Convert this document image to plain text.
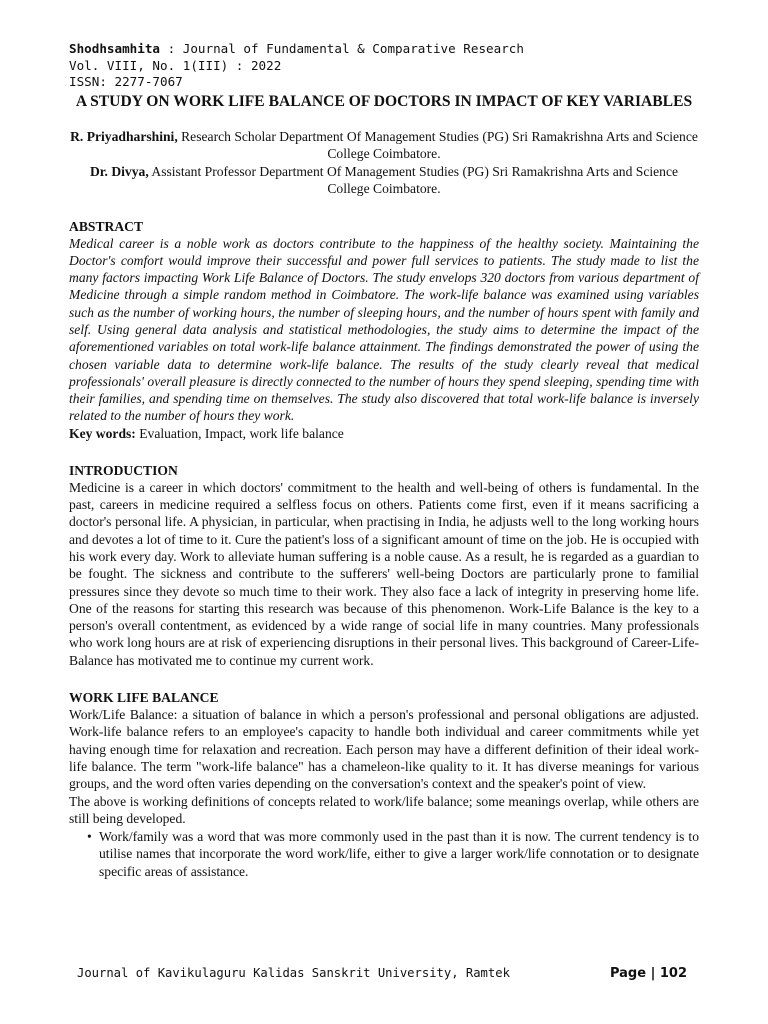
Shodhsamhita : Journal of Fundamental & Comparative Research
Vol. VIII, No. 1(III) : 2022
ISSN: 2277-7067
A STUDY ON WORK LIFE BALANCE OF DOCTORS IN IMPACT OF KEY VARIABLES
R. Priyadharshini, Research Scholar Department Of Management Studies (PG) Sri Ramakrishna Arts and Science College Coimbatore.
Dr. Divya, Assistant Professor Department Of Management Studies (PG) Sri Ramakrishna Arts and Science College Coimbatore.
ABSTRACT
Medical career is a noble work as doctors contribute to the happiness of the healthy society. Maintaining the Doctor's comfort would improve their successful and power full services to patients. The study made to list the many factors impacting Work Life Balance of Doctors. The study envelops 320 doctors from various department of Medicine through a simple random method in Coimbatore. The work-life balance was examined using variables such as the number of working hours, the number of sleeping hours, and the number of hours spent with family and self. Using general data analysis and statistical methodologies, the study aims to determine the impact of the aforementioned variables on total work-life balance attainment. The findings demonstrated the power of using the chosen variable data to determine work-life balance. The results of the study clearly reveal that medical professionals' overall pleasure is directly connected to the number of hours they spend sleeping, spending time with their families, and spending time on themselves. The study also discovered that total work-life balance is inversely related to the number of hours they work.
Key words: Evaluation, Impact, work life balance
INTRODUCTION
Medicine is a career in which doctors' commitment to the health and well-being of others is fundamental. In the past, careers in medicine required a selfless focus on others. Patients come first, even if it means sacrificing a doctor's personal life. A physician, in particular, when practising in India, he adjusts well to the long working hours and devotes a lot of time to it. Cure the patient's loss of a significant amount of time on the job. He is occupied with his work every day. Work to alleviate human suffering is a noble cause. As a result, he is regarded as a guardian to be fought. The sickness and contribute to the sufferers' well-being Doctors are particularly prone to familial pressures since they devote so much time to their work. They also face a lack of integrity in preserving home life. One of the reasons for starting this research was because of this phenomenon. Work-Life Balance is the key to a person's overall contentment, as evidenced by a wide range of social life in many countries. Many professionals who work long hours are at risk of experiencing disruptions in their personal lives. This background of Career-Life-Balance has motivated me to continue my current work.
WORK LIFE BALANCE
Work/Life Balance: a situation of balance in which a person's professional and personal obligations are adjusted. Work-life balance refers to an employee's capacity to handle both individual and career commitments while yet having enough time for relaxation and recreation. Each person may have a different definition of their ideal work-life balance. The term "work-life balance" has a chameleon-like quality to it. It has diverse meanings for various groups, and the word often varies depending on the conversation's context and the speaker's point of view.
The above is working definitions of concepts related to work/life balance; some meanings overlap, while others are still being developed.
• Work/family was a word that was more commonly used in the past than it is now. The current tendency is to utilise names that incorporate the word work/life, either to give a larger work/life connotation or to designate specific areas of assistance.
Journal of Kavikulaguru Kalidas Sanskrit University, Ramtek	Page | 102
